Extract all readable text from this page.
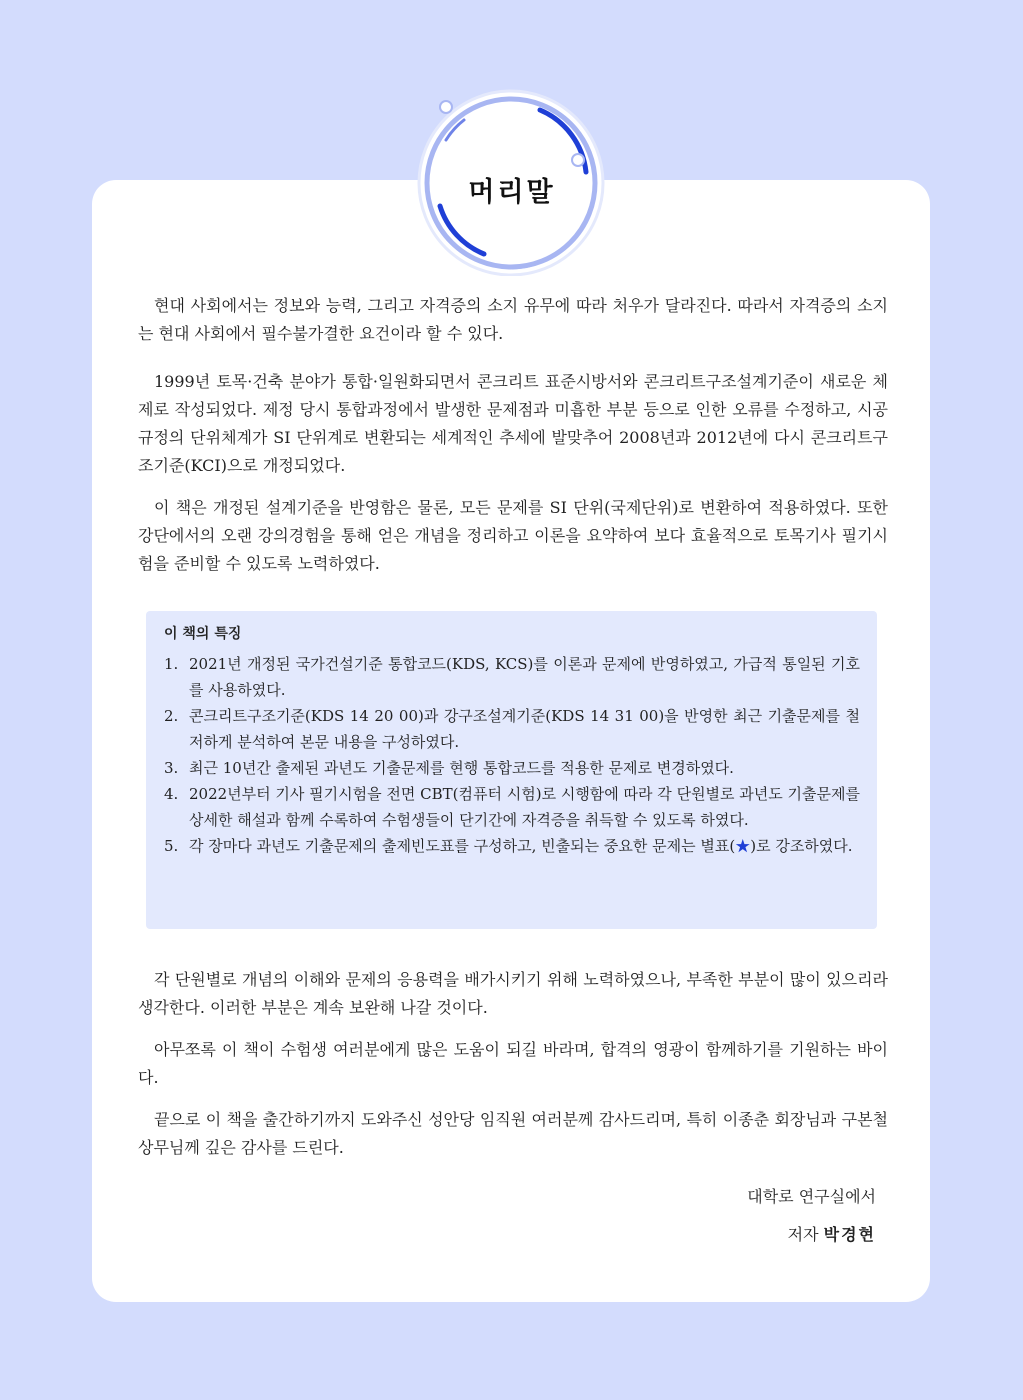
머리말

현대 사회에서는 정보와 능력, 그리고 자격증의 소지 유무에 따라 처우가 달라진다. 따라서 자격증의 소지는 현대 사회에서 필수불가결한 요건이라 할 수 있다.

1999년 토목·건축 분야가 통합·일원화되면서 콘크리트 표준시방서와 콘크리트구조설계기준이 새로운 체제로 작성되었다. 제정 당시 통합과정에서 발생한 문제점과 미흡한 부분 등으로 인한 오류를 수정하고, 시공 규정의 단위체계가 SI 단위계로 변환되는 세계적인 추세에 발맞추어 2008년과 2012년에 다시 콘크리트구조기준(KCI)으로 개정되었다.

이 책은 개정된 설계기준을 반영함은 물론, 모든 문제를 SI 단위(국제단위)로 변환하여 적용하였다. 또한 강단에서의 오랜 강의경험을 통해 얻은 개념을 정리하고 이론을 요약하여 보다 효율적으로 토목기사 필기시험을 준비할 수 있도록 노력하였다.

이 책의 특징
1. 2021년 개정된 국가건설기준 통합코드(KDS, KCS)를 이론과 문제에 반영하였고, 가급적 통일된 기호를 사용하였다.
2. 콘크리트구조기준(KDS 14 20 00)과 강구조설계기준(KDS 14 31 00)을 반영한 최근 기출문제를 철저하게 분석하여 본문 내용을 구성하였다.
3. 최근 10년간 출제된 과년도 기출문제를 현행 통합코드를 적용한 문제로 변경하였다.
4. 2022년부터 기사 필기시험을 전면 CBT(컴퓨터 시험)로 시행함에 따라 각 단원별로 과년도 기출문제를 상세한 해설과 함께 수록하여 수험생들이 단기간에 자격증을 취득할 수 있도록 하였다.
5. 각 장마다 과년도 기출문제의 출제빈도표를 구성하고, 빈출되는 중요한 문제는 별표(★)로 강조하였다.

각 단원별로 개념의 이해와 문제의 응용력을 배가시키기 위해 노력하였으나, 부족한 부분이 많이 있으리라 생각한다. 이러한 부분은 계속 보완해 나갈 것이다.

아무쪼록 이 책이 수험생 여러분에게 많은 도움이 되길 바라며, 합격의 영광이 함께하기를 기원하는 바이다.

끝으로 이 책을 출간하기까지 도와주신 성안당 임직원 여러분께 감사드리며, 특히 이종춘 회장님과 구본철 상무님께 깊은 감사를 드린다.

대학로 연구실에서
저자 박경현
